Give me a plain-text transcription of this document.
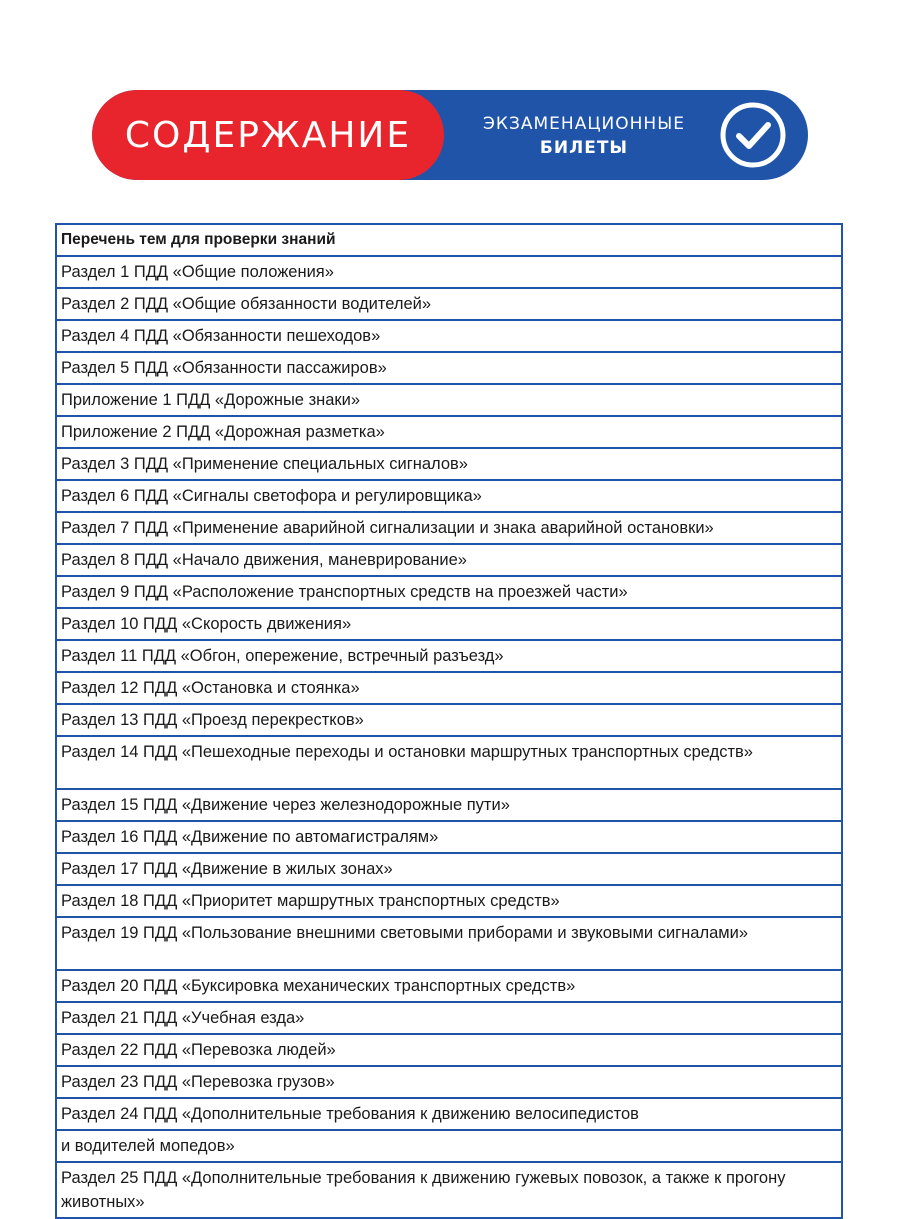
СОДЕРЖАНИЕ	ЭКЗАМЕНАЦИОННЫЕ
БИЛЕТЫ
Перечень тем для проверки знаний
Раздел 1 ПДД «Общие положения»
Раздел 2 ПДД «Общие обязанности водителей»
Раздел 4 ПДД «Обязанности пешеходов»
Раздел 5 ПДД «Обязанности пассажиров»
Приложение 1 ПДД «Дорожные знаки»
Приложение 2 ПДД «Дорожная разметка»
Раздел 3 ПДД «Применение специальных сигналов»
Раздел 6 ПДД «Сигналы светофора и регулировщика»
Раздел 7 ПДД «Применение аварийной сигнализации и знака аварийной остановки»
Раздел 8 ПДД «Начало движения, маневрирование»
Раздел 9 ПДД «Расположение транспортных средств на проезжей части»
Раздел 10 ПДД «Скорость движения»
Раздел 11 ПДД «Обгон, опережение, встречный разъезд»
Раздел 12 ПДД «Остановка и стоянка»
Раздел 13 ПДД «Проезд перекрестков»
Раздел 14 ПДД «Пешеходные переходы и остановки маршрутных транспортных средств»
Раздел 15 ПДД «Движение через железнодорожные пути»
Раздел 16 ПДД «Движение по автомагистралям»
Раздел 17 ПДД «Движение в жилых зонах»
Раздел 18 ПДД «Приоритет маршрутных транспортных средств»
Раздел 19 ПДД «Пользование внешними световыми приборами и звуковыми сигналами»
Раздел 20 ПДД «Буксировка механических транспортных средств»
Раздел 21 ПДД «Учебная езда»
Раздел 22 ПДД «Перевозка людей»
Раздел 23 ПДД «Перевозка грузов»
Раздел 24 ПДД «Дополнительные требования к движению велосипедистов
и водителей мопедов»
Раздел 25 ПДД «Дополнительные требования к движению гужевых повозок, а также к прогону животных»
